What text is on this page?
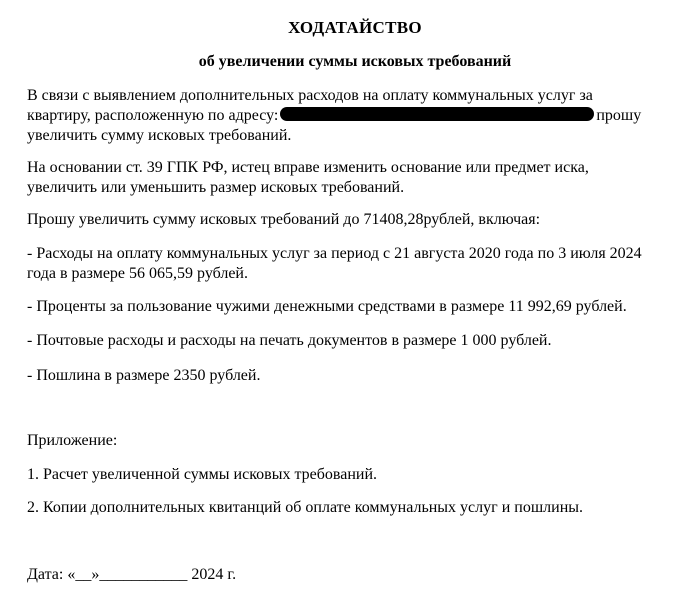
ХОДАТАЙСТВО
об увеличении суммы исковых требований
В связи с выявлением дополнительных расходов на оплату коммунальных услуг за
квартиру, расположенную по адресу:	прошу
увеличить сумму исковых требований.
На основании ст. 39 ГПК РФ, истец вправе изменить основание или предмет иска,
увеличить или уменьшить размер исковых требований.
Прошу увеличить сумму исковых требований до 71408,28рублей, включая:
- Расходы на оплату коммунальных услуг за период с 21 августа 2020 года по 3 июля 2024
года в размере 56 065,59 рублей.
- Проценты за пользование чужими денежными средствами в размере 11 992,69 рублей.
- Почтовые расходы и расходы на печать документов в размере 1 000 рублей.
- Пошлина в размере 2350 рублей.
Приложение:
1. Расчет увеличенной суммы исковых требований.
2. Копии дополнительных квитанций об оплате коммунальных услуг и пошлины.
Дата: «__»___________ 2024 г.
